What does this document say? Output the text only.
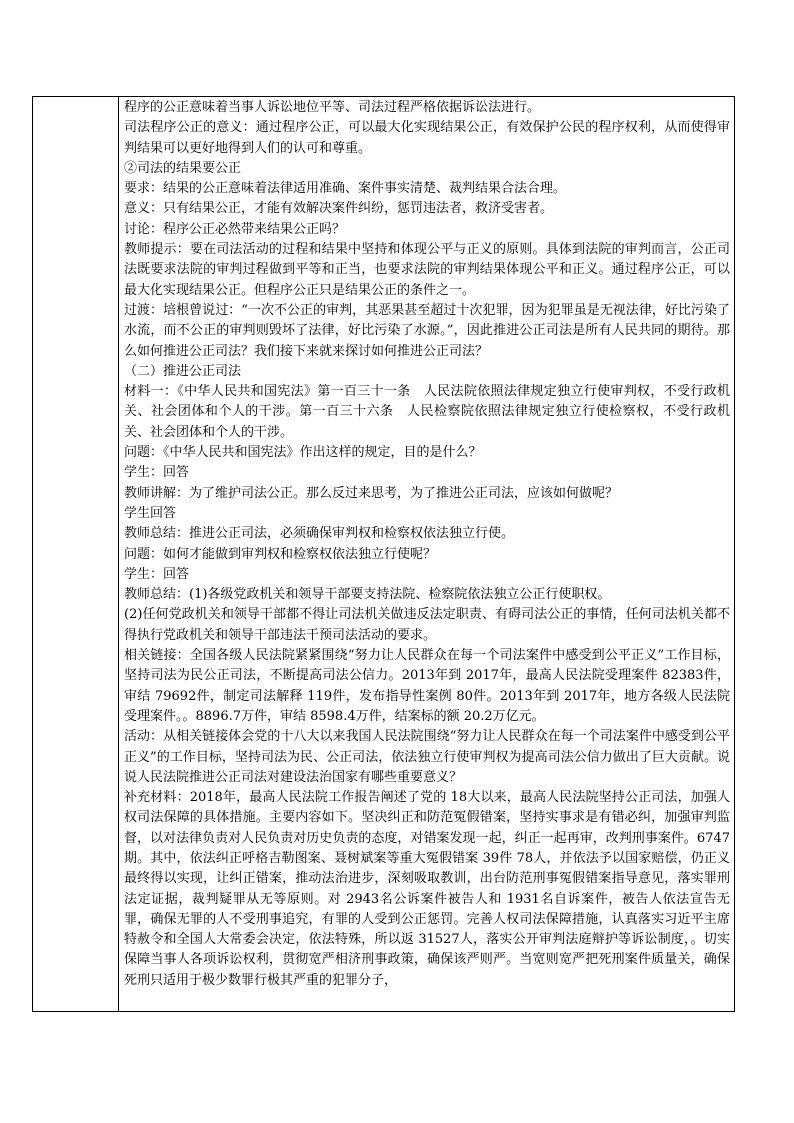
程序的公正意味着当事人诉讼地位平等、司法过程严格依据诉讼法进行。

司法程序公正的意义：通过程序公正，可以最大化实现结果公正，有效保护公民的程序权利，从而使得审判结果可以更好地得到人们的认可和尊重。

②司法的结果要公正

要求：结果的公正意味着法律适用准确、案件事实清楚、裁判结果合法合理。

意义：只有结果公正，才能有效解决案件纠纷，惩罚违法者，救济受害者。

讨论：程序公正必然带来结果公正吗？

教师提示：要在司法活动的过程和结果中坚持和体现公平与正义的原则。具体到法院的审判而言，公正司法既要求法院的审判过程做到平等和正当，也要求法院的审判结果体现公平和正义。通过程序公正，可以最大化实现结果公正。但程序公正只是结果公正的条件之一。

过渡：培根曾说过：“一次不公正的审判，其恶果甚至超过十次犯罪，因为犯罪虽是无视法律，好比污染了水流，而不公正的审判则毁坏了法律，好比污染了水源。”，因此推进公正司法是所有人民共同的期待。那么如何推进公正司法？我们接下来就来探讨如何推进公正司法？

（二）推进公正司法

材料一：《中华人民共和国宪法》第一百三十一条　人民法院依照法律规定独立行使审判权，不受行政机关、社会团体和个人的干涉。第一百三十六条　人民检察院依照法律规定独立行使检察权，不受行政机关、社会团体和个人的干涉。

问题：《中华人民共和国宪法》作出这样的规定，目的是什么？

学生：回答

教师讲解：为了维护司法公正。那么反过来思考，为了推进公正司法，应该如何做呢？

学生回答

教师总结：推进公正司法，必须确保审判权和检察权依法独立行使。

问题：如何才能做到审判权和检察权依法独立行使呢？

学生：回答

教师总结：(1)各级党政机关和领导干部要支持法院、检察院依法独立公正行使职权。

(2)任何党政机关和领导干部都不得让司法机关做违反法定职责、有碍司法公正的事情，任何司法机关都不得执行党政机关和领导干部违法干预司法活动的要求。

相关链接：全国各级人民法院紧紧围绕“努力让人民群众在每一个司法案件中感受到公平正义”工作目标，坚持司法为民公正司法，不断提高司法公信力。2013年到 2017年，最高人民法院受理案件 82383件，审结 79692件，制定司法解释 119件，发布指导性案例 80件。2013年到 2017年，地方各级人民法院受理案件。。8896.7万件，审结 8598.4万件，结案标的额 20.2万亿元。

活动：从相关链接体会党的十八大以来我国人民法院围绕“努力让人民群众在每一个司法案件中感受到公平正义”的工作目标，坚持司法为民、公正司法，依法独立行使审判权为提高司法公信力做出了巨大贡献。说说人民法院推进公正司法对建设法治国家有哪些重要意义？

补充材料：2018年，最高人民法院工作报告阐述了党的 18大以来，最高人民法院坚持公正司法，加强人权司法保障的具体措施。主要内容如下。坚决纠正和防范冤假错案，坚持实事求是有错必纠，加强审判监督，以对法律负责对人民负责对历史负责的态度，对错案发现一起，纠正一起再审，改判刑事案件。6747期。其中，依法纠正呼格吉勒图案、聂树斌案等重大冤假错案 39件 78人，并依法予以国家赔偿，仍正义最终得以实现，让纠正错案，推动法治进步，深刻吸取教训，出台防范刑事冤假错案指导意见，落实罪刑法定证据，裁判疑罪从无等原则。对 2943名公诉案件被告人和 1931名自诉案件，被告人依法宣告无罪，确保无罪的人不受刑事追究，有罪的人受到公正惩罚。完善人权司法保障措施，认真落实习近平主席特赦令和全国人大常委会决定，依法特殊，所以返 31527人，落实公开审判法庭辩护等诉讼制度，。切实保障当事人各项诉讼权利，贯彻宽严相济刑事政策，确保该严则严。当宽则宽严把死刑案件质量关，确保死刑只适用于极少数罪行极其严重的犯罪分子，
